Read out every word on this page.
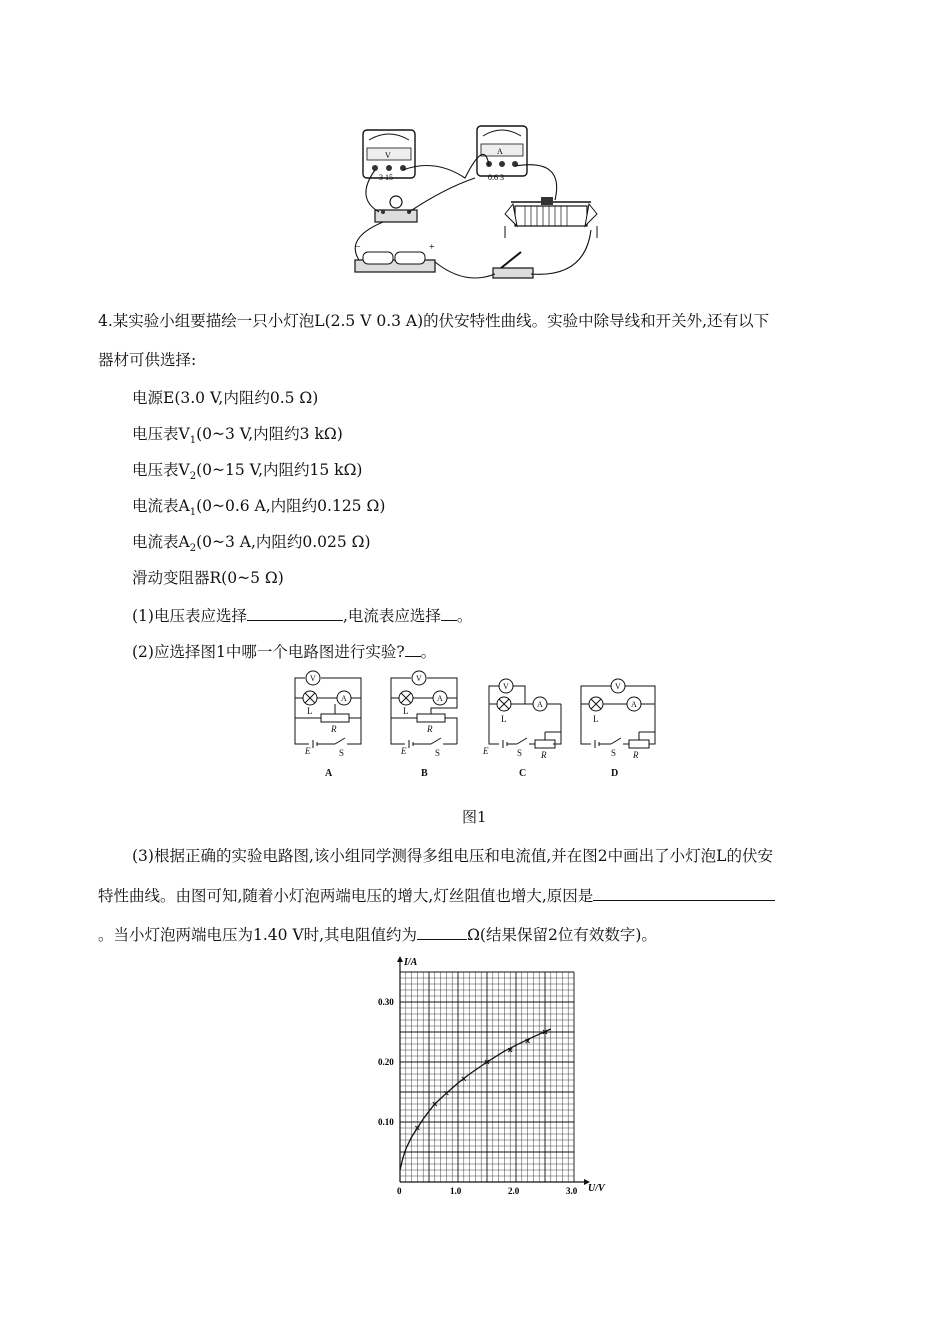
V
3 15
A
0.6 3
−	+
4.某实验小组要描绘一只小灯泡L(2.5 V 0.3 A)的伏安特性曲线。实验中除导线和开关外,还有以下
器材可供选择:
电源E(3.0 V,内阻约0.5 Ω)
电压表$V_1(0\sim 3$ V,内阻约3 kΩ)
电压表$V_2(0\sim 15$ V,内阻约15 kΩ)
电流表$A_1(0\sim 0.6$ A,内阻约0.125 Ω)
电流表$A_2(0\sim 3$ A,内阻约0.025 Ω)
滑动变阻器R(0~5 Ω)
(1)电压表应选择	,电流表应选择 。
(2)应选择图1中哪一个电路图进行实验? 。
V
A
L
R
E	S
A
V
A
L
R
E	S
B
V
A
L
E	S R
C
V
A
L
S R
D
图1
(3)根据正确的实验电路图,该小组同学测得多组电压和电流值,并在图2中画出了小灯泡L的伏安
特性曲线。由图可知,随着小灯泡两端电压的增大,灯丝阻值也增大,原因是
。当小灯泡两端电压为1.40 V时,其电阻值约为	Ω(结果保留2位有效数字)。
0	1.0	2.0	3.0
0.10
0.20
0.30
I/A
U/V
